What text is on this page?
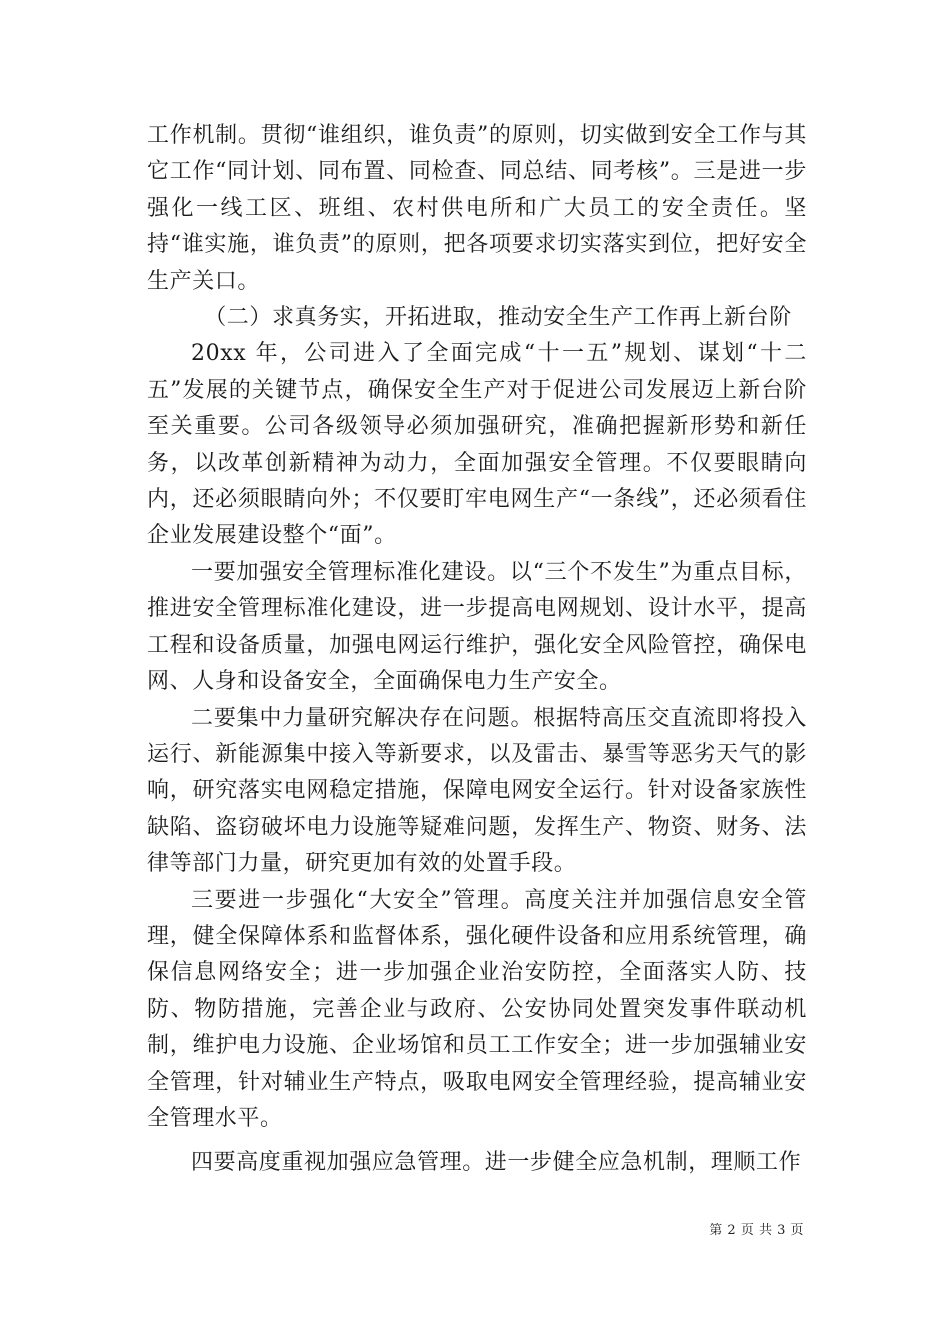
工作机制。贯彻“谁组织，谁负责”的原则，切实做到安全工作与其它工作“同计划、同布置、同检查、同总结、同考核”。三是进一步强化一线工区、班组、农村供电所和广大员工的安全责任。坚持“谁实施，谁负责”的原则，把各项要求切实落实到位，把好安全生产关口。

（二）求真务实，开拓进取，推动安全生产工作再上新台阶

20xx 年，公司进入了全面完成“十一五”规划、谋划“十二五”发展的关键节点，确保安全生产对于促进公司发展迈上新台阶至关重要。公司各级领导必须加强研究，准确把握新形势和新任务，以改革创新精神为动力，全面加强安全管理。不仅要眼睛向内，还必须眼睛向外；不仅要盯牢电网生产“一条线”，还必须看住企业发展建设整个“面”。

一要加强安全管理标准化建设。以“三个不发生”为重点目标，推进安全管理标准化建设，进一步提高电网规划、设计水平，提高工程和设备质量，加强电网运行维护，强化安全风险管控，确保电网、人身和设备安全，全面确保电力生产安全。

二要集中力量研究解决存在问题。根据特高压交直流即将投入运行、新能源集中接入等新要求，以及雷击、暴雪等恶劣天气的影响，研究落实电网稳定措施，保障电网安全运行。针对设备家族性缺陷、盗窃破坏电力设施等疑难问题，发挥生产、物资、财务、法律等部门力量，研究更加有效的处置手段。

三要进一步强化“大安全”管理。高度关注并加强信息安全管理，健全保障体系和监督体系，强化硬件设备和应用系统管理，确保信息网络安全；进一步加强企业治安防控，全面落实人防、技防、物防措施，完善企业与政府、公安协同处置突发事件联动机制，维护电力设施、企业场馆和员工工作安全；进一步加强辅业安全管理，针对辅业生产特点，吸取电网安全管理经验，提高辅业安全管理水平。

四要高度重视加强应急管理。进一步健全应急机制，理顺工作

第 2 页 共 3 页
